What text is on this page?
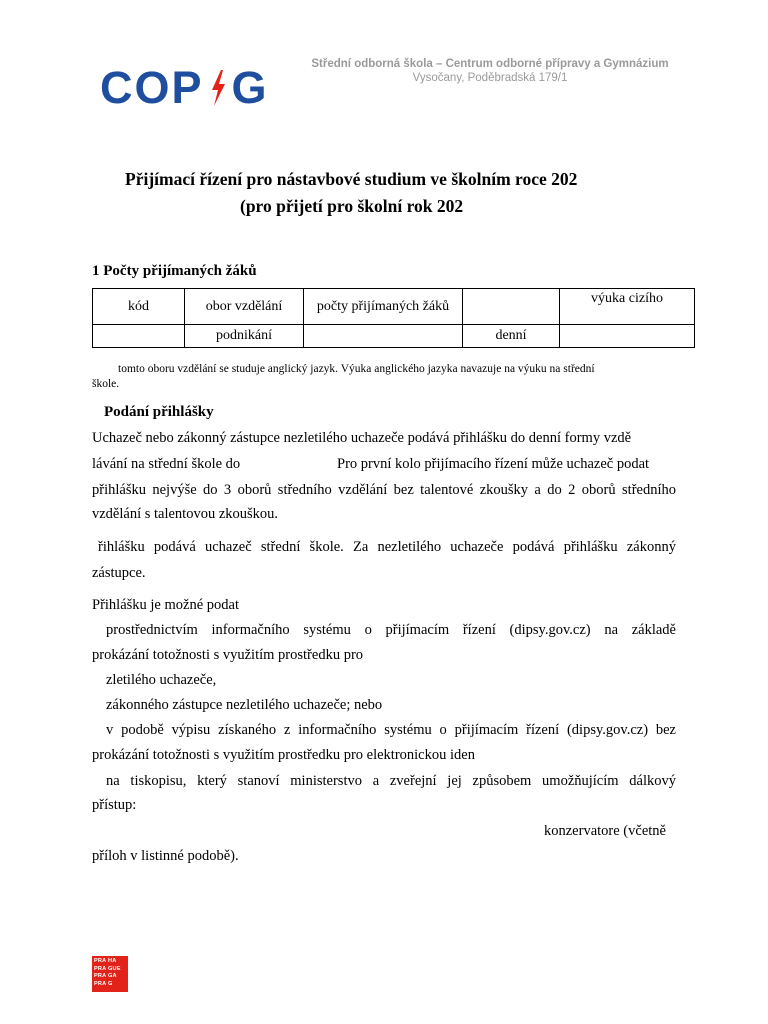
COP G	Střední odborná škola – Centrum odborné přípravy a Gymnázium
Vysočany, Poděbradská 179/1
Přijímací řízení pro nástavbové studium ve školním roce 202
(pro přijetí pro školní rok 202
1 Počty přijímaných žáků
kód	obor vzdělání	počty přijímaných žáků		výuka cizího
	podnikání		denní	
tomto oboru vzdělání se studuje anglický jazyk. Výuka anglického jazyka navazuje na výuku na střední
škole.
Podání přihlášky
Uchazeč nebo zákonný zástupce nezletilého uchazeče podává přihlášku do denní formy vzdě
lávání na střední škole do	Pro první kolo přijímacího řízení může uchazeč podat
přihlášku nejvýše do 3 oborů středního vzdělání bez talentové zkoušky a do 2 oborů středního
vzdělání s talentovou zkouškou.
řihlášku podává uchazeč střední škole. Za nezletilého uchazeče podává přihlášku zákonný
zástupce.
Přihlášku je možné podat
prostřednictvím informačního systému o přijímacím řízení (dipsy.gov.cz) na základě
prokázání totožnosti s využitím prostředku pro
zletilého uchazeče,
zákonného zástupce nezletilého uchazeče; nebo
v podobě výpisu získaného z informačního systému o přijímacím řízení (dipsy.gov.cz) bez
prokázání totožnosti s využitím prostředku pro elektronickou iden
na tiskopisu, který stanoví ministerstvo a zveřejní jej způsobem umožňujícím dálkový
přístup:
konzervatore (včetně
příloh v listinné podobě).
PRA HA
PRA GUE
PRA GA
PRA G
